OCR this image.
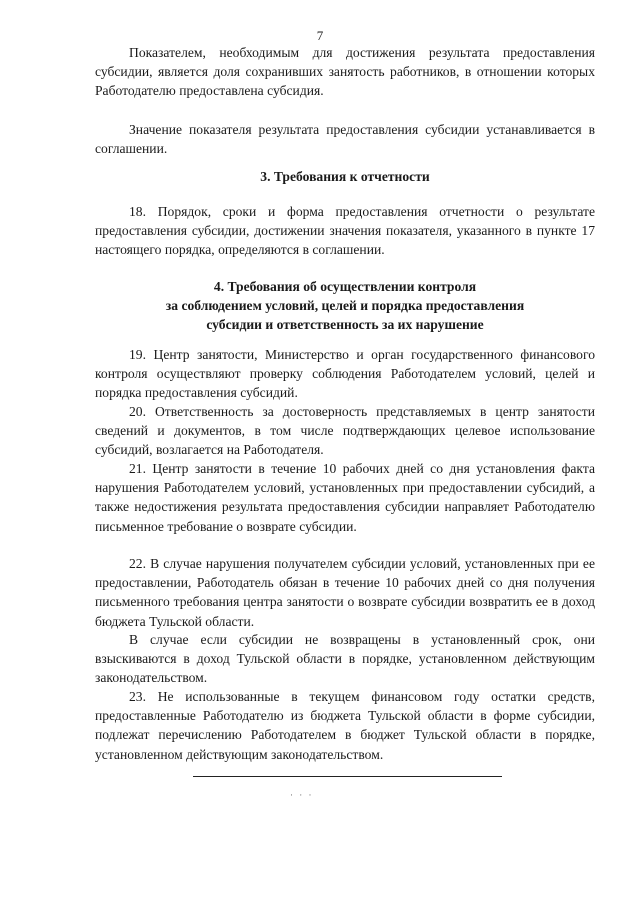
7

Показателем, необходимым для достижения результата предоставления субсидии, является доля сохранивших занятость работников, в отношении которых Работодателю предоставлена субсидия.

Значение показателя результата предоставления субсидии устанавливается в соглашении.

3. Требования к отчетности

18. Порядок, сроки и форма предоставления отчетности о результате предоставления субсидии, достижении значения показателя, указанного в пункте 17 настоящего порядка, определяются в соглашении.

4. Требования об осуществлении контроля
за соблюдением условий, целей и порядка предоставления
субсидии и ответственность за их нарушение

19. Центр занятости, Министерство и орган государственного финансового контроля осуществляют проверку соблюдения Работодателем условий, целей и порядка предоставления субсидий.

20. Ответственность за достоверность представляемых в центр занятости сведений и документов, в том числе подтверждающих целевое использование субсидий, возлагается на Работодателя.

21. Центр занятости в течение 10 рабочих дней со дня установления факта нарушения Работодателем условий, установленных при предоставлении субсидий, а также недостижения результата предоставления субсидии направляет Работодателю письменное требование о возврате субсидии.

22. В случае нарушения получателем субсидии условий, установленных при ее предоставлении, Работодатель обязан в течение 10 рабочих дней со дня получения письменного требования центра занятости о возврате субсидии возвратить ее в доход бюджета Тульской области.

В случае если субсидии не возвращены в установленный срок, они взыскиваются в доход Тульской области в порядке, установленном действующим законодательством.

23. Не использованные в текущем финансовом году остатки средств, предоставленные Работодателю из бюджета Тульской области в форме субсидии, подлежат перечислению Работодателем в бюджет Тульской области в порядке, установленном действующим законодательством.

· · ·
